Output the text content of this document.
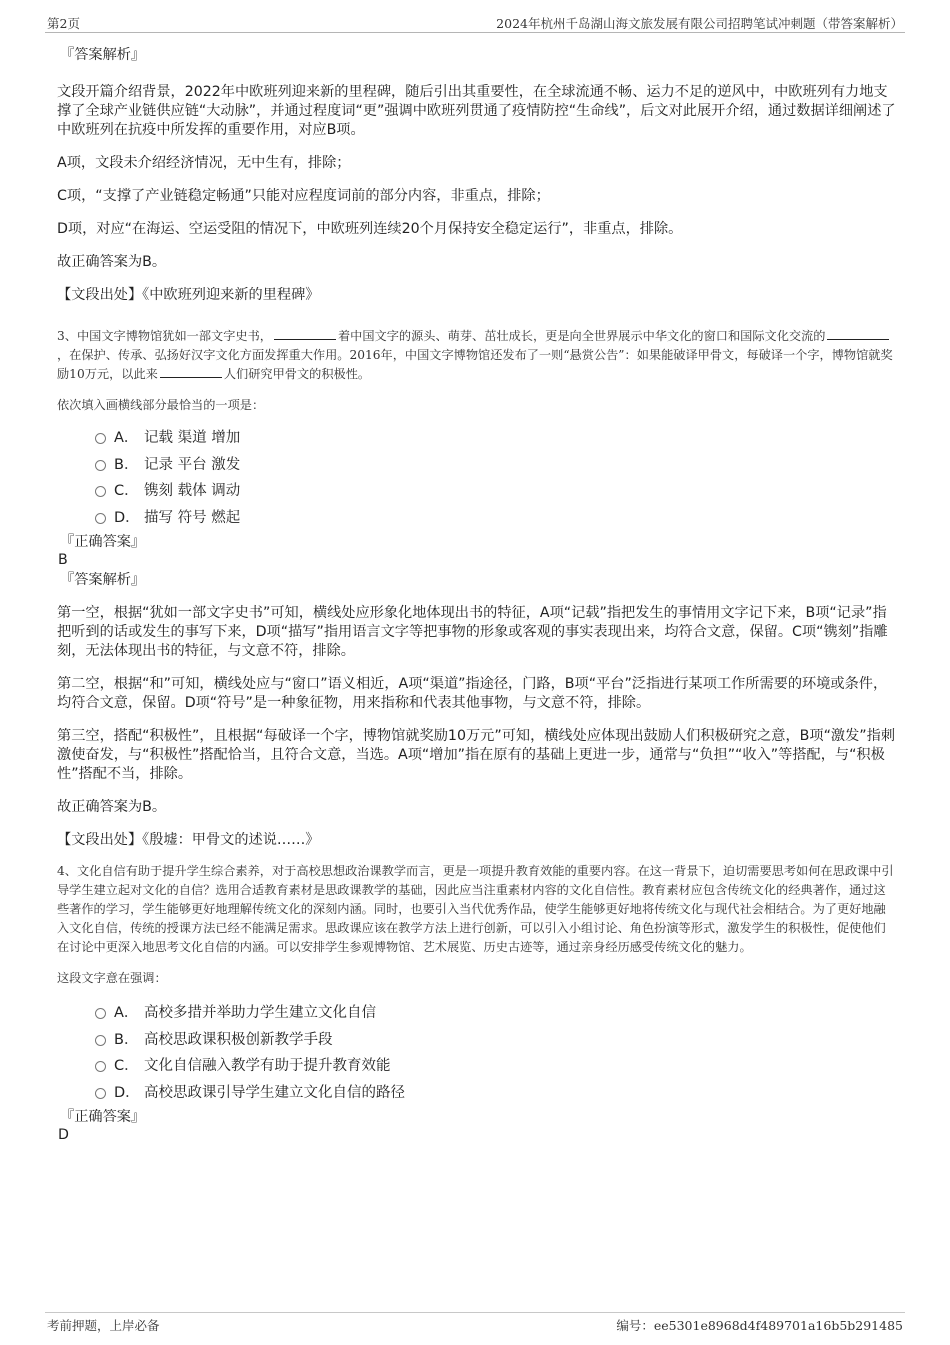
第2页	2024年杭州千岛湖山海文旅发展有限公司招聘笔试冲刺题（带答案解析）

『答案解析』

文段开篇介绍背景，2022年中欧班列迎来新的里程碑，随后引出其重要性，在全球流通不畅、运力不足的逆风中，中欧班列有力地支撑了全球产业链供应链“大动脉”，并通过程度词“更”强调中欧班列贯通了疫情防控“生命线”，后文对此展开介绍，通过数据详细阐述了中欧班列在抗疫中所发挥的重要作用，对应B项。

A项，文段未介绍经济情况，无中生有，排除；

C项，“支撑了产业链稳定畅通”只能对应程度词前的部分内容，非重点，排除；

D项，对应“在海运、空运受阻的情况下，中欧班列连续20个月保持安全稳定运行”，非重点，排除。

故正确答案为B。

【文段出处】《中欧班列迎来新的里程碑》

3、中国文字博物馆犹如一部文字史书，	着中国文字的源头、萌芽、茁壮成长，更是向全世界展示中华文化的窗口和国际文化交流的，在保护、传承、弘扬好汉字文化方面发挥重大作用。2016年，中国文字博物馆还发布了一则“悬赏公告”：如果能破译甲骨文，每破译一个字，博物馆就奖励10万元，以此来	人们研究甲骨文的积极性。

依次填入画横线部分最恰当的一项是：

A． 记载 渠道 增加
B． 记录 平台 激发
C． 镌刻 载体 调动
D． 描写 符号 燃起

『正确答案』

B

『答案解析』

第一空，根据“犹如一部文字史书”可知，横线处应形象化地体现出书的特征，A项“记载”指把发生的事情用文字记下来，B项“记录”指把听到的话或发生的事写下来，D项“描写”指用语言文字等把事物的形象或客观的事实表现出来，均符合文意，保留。C项“镌刻”指雕刻，无法体现出书的特征，与文意不符，排除。

第二空，根据“和”可知，横线处应与“窗口”语义相近，A项“渠道”指途径，门路，B项“平台”泛指进行某项工作所需要的环境或条件，均符合文意，保留。D项“符号”是一种象征物，用来指称和代表其他事物，与文意不符，排除。

第三空，搭配“积极性”，且根据“每破译一个字，博物馆就奖励10万元”可知，横线处应体现出鼓励人们积极研究之意，B项“激发”指刺激使奋发，与“积极性”搭配恰当，且符合文意，当选。A项“增加”指在原有的基础上更进一步，通常与“负担”“收入”等搭配，与“积极性”搭配不当，排除。

故正确答案为B。

【文段出处】《殷墟：甲骨文的述说……》

4、文化自信有助于提升学生综合素养，对于高校思想政治课教学而言，更是一项提升教育效能的重要内容。在这一背景下，迫切需要思考如何在思政课中引导学生建立起对文化的自信？选用合适教育素材是思政课教学的基础，因此应当注重素材内容的文化自信性。教育素材应包含传统文化的经典著作，通过这些著作的学习，学生能够更好地理解传统文化的深刻内涵。同时，也要引入当代优秀作品，使学生能够更好地将传统文化与现代社会相结合。为了更好地融入文化自信，传统的授课方法已经不能满足需求。思政课应该在教学方法上进行创新，可以引入小组讨论、角色扮演等形式，激发学生的积极性，促使他们在讨论中更深入地思考文化自信的内涵。可以安排学生参观博物馆、艺术展览、历史古迹等，通过亲身经历感受传统文化的魅力。

这段文字意在强调：

A． 高校多措并举助力学生建立文化自信
B． 高校思政课积极创新教学手段
C． 文化自信融入教学有助于提升教育效能
D． 高校思政课引导学生建立文化自信的路径

『正确答案』

D

考前押题，上岸必备	编号：ee5301e8968d4f489701a16b5b291485
